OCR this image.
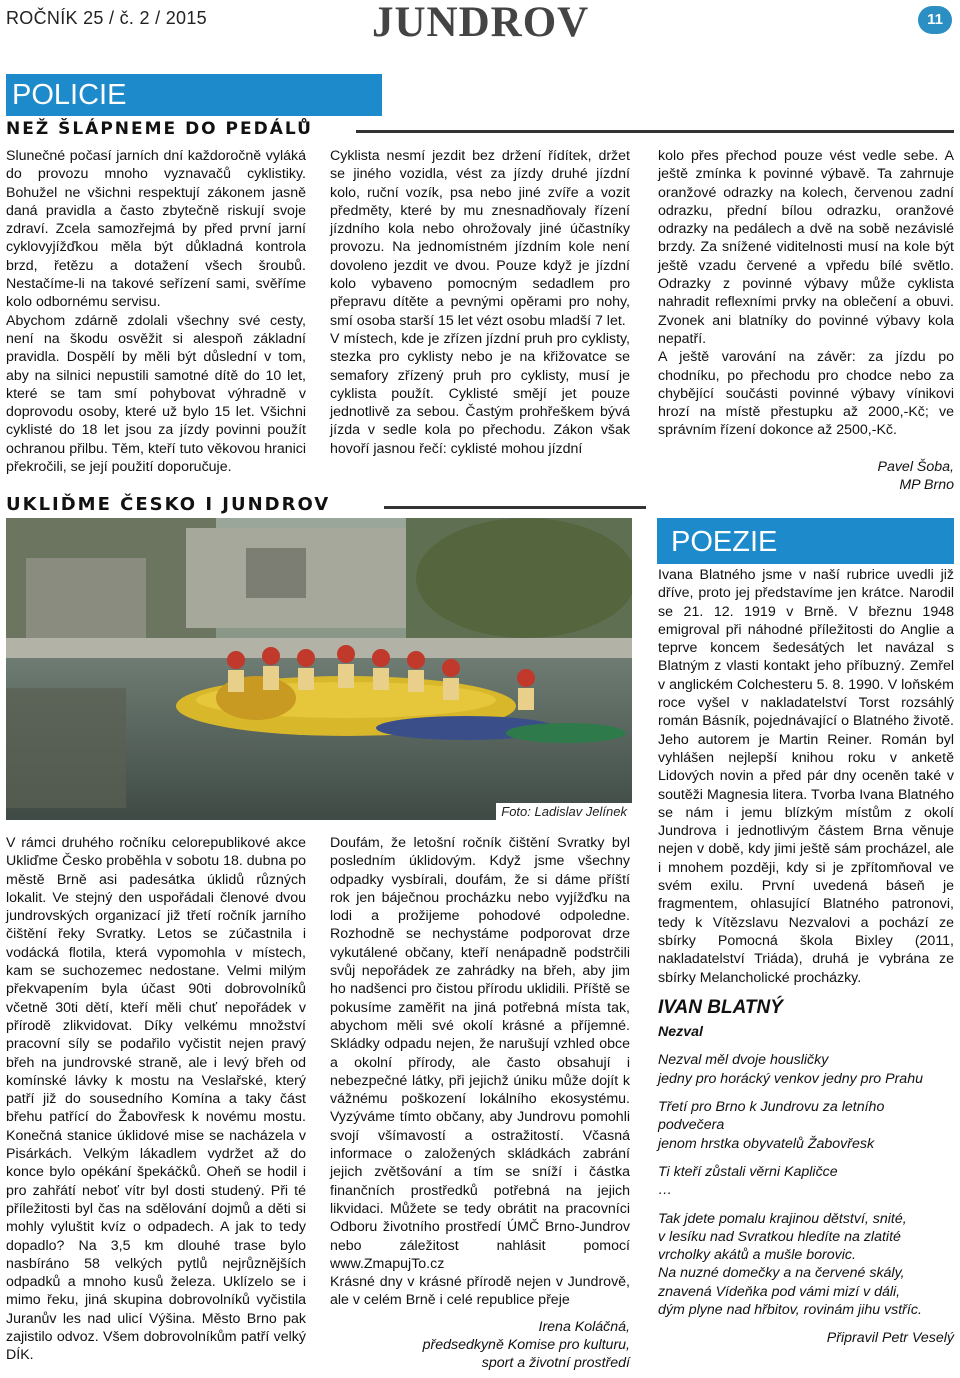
ROČNÍK 25 / č. 2 / 2015	JUNDROV	11
POLICIE
NEŽ ŠLÁPNEME DO PEDÁLŮ

Slunečné počasí jarních dní každoročně vyláká do provozu mnoho vyznavačů cyklistiky. Bohužel ne všichni respektují zákonem jasně daná pravidla a často zbytečně riskují svoje zdraví. Zcela samozřejmá by před první jarní cyklovyjížďkou měla být důkladná kontrola brzd, řetězu a dotažení všech šroubů. Nestačíme-li na takové seřízení sami, svěříme kolo odbornému servisu.

Abychom zdárně zdolali všechny své cesty, není na škodu osvěžit si alespoň základní pravidla. Dospělí by měli být důslední v tom, aby na silnici nepustili samotné dítě do 10 let, které se tam smí pohybovat výhradně v doprovodu osoby, které už bylo 15 let. Všichni cyklisté do 18 let jsou za jízdy povinni použít ochranou přilbu. Těm, kteří tuto věkovou hranici překročili, se její použití doporučuje.

Cyklista nesmí jezdit bez držení řídítek, držet se jiného vozidla, vést za jízdy druhé jízdní kolo, ruční vozík, psa nebo jiné zvíře a vozit předměty, které by mu znesnadňovaly řízení jízdního kola nebo ohrožovaly jiné účastníky provozu. Na jednomístném jízdním kole není dovoleno jezdit ve dvou. Pouze když je jízdní kolo vybaveno pomocným sedadlem pro přepravu dítěte a pevnými opěrami pro nohy, smí osoba starší 15 let vézt osobu mladší 7 let.

V místech, kde je zřízen jízdní pruh pro cyklisty, stezka pro cyklisty nebo je na křižovatce se semafory zřízený pruh pro cyklisty, musí je cyklista použít. Cyklisté smějí jet pouze jednotlivě za sebou. Častým prohřeškem bývá jízda v sedle kola po přechodu. Zákon však hovoří jasnou řečí: cyklisté mohou jízdní

kolo přes přechod pouze vést vedle sebe. A ještě zmínka k povinné výbavě. Ta zahrnuje oranžové odrazky na kolech, červenou zadní odrazku, přední bílou odrazku, oranžové odrazky na pedálech a dvě na sobě nezávislé brzdy. Za snížené viditelnosti musí na kole být ještě vzadu červené a vpředu bílé světlo. Odrazky z povinné výbavy může cyklista nahradit reflexními prvky na oblečení a obuvi. Zvonek ani blatníky do povinné výbavy kola nepatří.

A ještě varování na závěr: za jízdu po chodníku, po přechodu pro chodce nebo za chybějící součásti povinné výbavy vínikovi hrozí na místě přestupku až 2000,-Kč; ve správním řízení dokonce až 2500,-Kč.

Pavel Šoba,

MP Brno

UKLIĎME ČESKO I JUNDROV
Foto: Ladislav Jelínek

V rámci druhého ročníku celorepublikové akce Ukliďme Česko proběhla v sobotu 18. dubna po městě Brně asi padesátka úklidů různých lokalit. Ve stejný den uspořádali členové dvou jundrovských organizací již třetí ročník jarního čištění řeky Svratky. Letos se zúčastnila i vodácká flotila, která vypomohla v místech, kam se suchozemec nedostane. Velmi milým překvapením byla účast 90ti dobrovolníků včetně 30ti dětí, kteří měli chuť nepořádek v přírodě zlikvidovat. Díky velkému množství pracovní síly se podařilo vyčistit nejen pravý břeh na jundrovské straně, ale i levý břeh od komínské lávky k mostu na Veslařské, který patří již do sousedního Komína a taky část břehu patřící do Žabovřesk k novému mostu. Konečná stanice úklidové mise se nacházela v Pisárkách. Velkým lákadlem vydržet až do konce bylo opékání špekáčků. Oheň se hodil i pro zahřátí neboť vítr byl dosti studený. Při té příležitosti byl čas na sdělování dojmů a děti si mohly vyluštit kvíz o odpadech. A jak to tedy dopadlo? Na 3,5 km dlouhé trase bylo nasbíráno 58 velkých pytlů nejrůznějších odpadků a mnoho kusů železa. Uklízelo se i mimo řeku, jiná skupina dobrovolníků vyčistila Juranův les nad ulicí Výšina. Město Brno pak zajistilo odvoz. Všem dobrovolníkům patří velký DÍK.

Doufám, že letošní ročník čištění Svratky byl posledním úklidovým. Když jsme všechny odpadky vysbírali, doufám, že si dáme příští rok jen báječnou procházku nebo vyjížďku na lodi a prožijeme pohodové odpoledne. Rozhodně se nechystáme podporovat drze vykutálené občany, kteří nenápadně podstrčili svůj nepořádek ze zahrádky na břeh, aby jim ho nadšenci pro čistou přírodu uklidili. Příště se pokusíme zaměřit na jiná potřebná místa tak, abychom měli své okolí krásné a příjemné. Skládky odpadu nejen, že narušují vzhled obce a okolní přírody, ale často obsahují i nebezpečné látky, při jejichž úniku může dojít k vážnému poškození lokálního ekosystému. Vyzýváme tímto občany, aby Jundrovu pomohli svojí všímavostí a ostražitostí. Včasná informace o založených skládkách zabrání jejich zvětšování a tím se sníží i částka finančních prostředků potřebná na jejich likvidaci. Můžete se tedy obrátit na pracovníci Odboru životního prostředí ÚMČ Brno-Jundrov nebo záležitost nahlásit pomocí www.ZmapujTo.cz

Krásné dny v krásné přírodě nejen v Jundrově, ale v celém Brně i celé republice přeje

Irena Koláčná,

předsedkyně Komise pro kulturu,

sport a životní prostředí

POEZIE

Ivana Blatného jsme v naší rubrice uvedli již dříve, proto jej představíme jen krátce. Narodil se 21. 12. 1919 v Brně. V březnu 1948 emigroval při náhodné příležitosti do Anglie a teprve koncem šedesátých let navázal s Blatným z vlasti kontakt jeho příbuzný. Zemřel v anglickém Colchesteru 5. 8. 1990. V loňském roce vyšel v nakladatelství Torst rozsáhlý román Básník, pojednávající o Blatného životě. Jeho autorem je Martin Reiner. Román byl vyhlášen nejlepší knihou roku v anketě Lidových novin a před pár dny oceněn také v soutěži Magnesia litera. Tvorba Ivana Blatného se nám i jemu blízkým místům z okolí Jundrova i jednotlivým částem Brna věnuje nejen v době, kdy jimi ještě sám procházel, ale i mnohem později, kdy si je zpřítomňoval ve svém exilu. První uvedená báseň je fragmentem, ohlasující Blatného patronovi, tedy k Vítězslavu Nezvalovi a pochází ze sbírky Pomocná škola Bixley (2011, nakladatelství Triáda), druhá je vybrána ze sbírky Melancholické procházky.

IVAN BLATNÝ
Nezval
Nezval měl dvoje housličky
jedny pro horácký venkov jedny pro Prahu
Třetí pro Brno k Jundrovu za letního podvečera
jenom hrstka obyvatelů Žabovřesk
Ti kteří zůstali věrni Kapličce
…
Tak jdete pomalu krajinou dětství, snité,
v lesíku nad Svratkou hledíte na zlatité
vrcholky akátů a mušle borovic.
Na nuzné domečky a na červené skály,
znavená Vídeňka pod vámi mizí v dáli,
dým plyne nad hřbitov, rovinám jihu vstříc.

Připravil Petr Veselý
